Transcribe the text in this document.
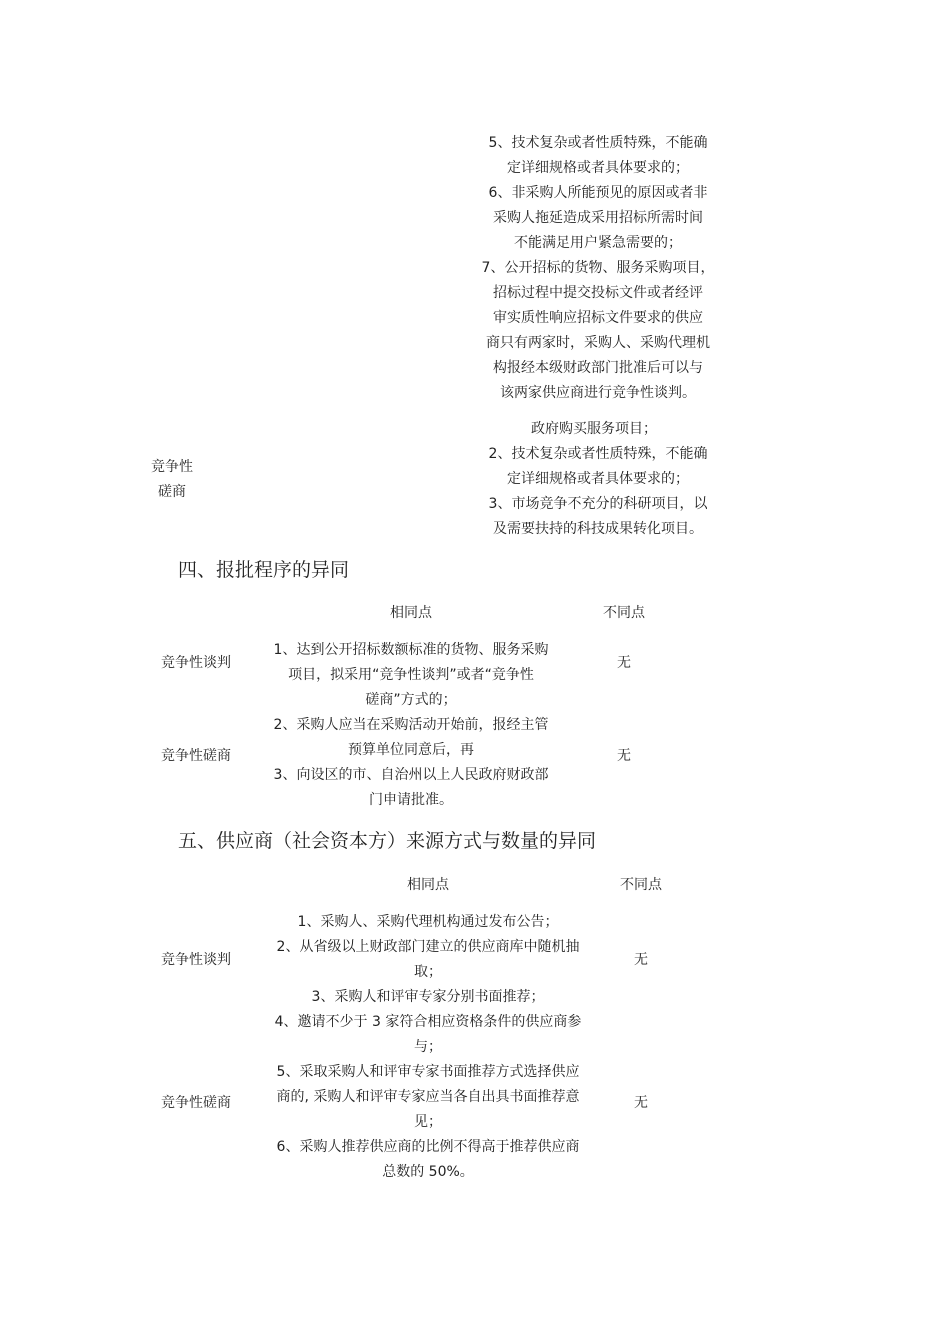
5、技术复杂或者性质特殊，不能确
定详细规格或者具体要求的；
6、非采购人所能预见的原因或者非
采购人拖延造成采用招标所需时间
不能满足用户紧急需要的；
7、公开招标的货物、服务采购项目，
招标过程中提交投标文件或者经评
审实质性响应招标文件要求的供应
商只有两家时，采购人、采购代理机
构报经本级财政部门批准后可以与
该两家供应商进行竞争性谈判。
政府购买服务项目；
2、技术复杂或者性质特殊，不能确
定详细规格或者具体要求的；
3、市场竞争不充分的科研项目，以
及需要扶持的科技成果转化项目。
竞争性
磋商
四、报批程序的异同
相同点	不同点
竞争性谈判
竞争性磋商
1、达到公开招标数额标准的货物、服务采购
项目，拟采用“竞争性谈判”或者“竞争性
磋商”方式的；
2、采购人应当在采购活动开始前，报经主管
预算单位同意后，再
3、向设区的市、自治州以上人民政府财政部
门申请批准。
无
无
五、供应商（社会资本方）来源方式与数量的异同
相同点	不同点
竞争性谈判
竞争性磋商
1、采购人、采购代理机构通过发布公告；
2、从省级以上财政部门建立的供应商库中随机抽
取；
3、采购人和评审专家分别书面推荐；
4、邀请不少于 3 家符合相应资格条件的供应商参
与；
5、采取采购人和评审专家书面推荐方式选择供应
商的, 采购人和评审专家应当各自出具书面推荐意
见；
6、采购人推荐供应商的比例不得高于推荐供应商
总数的 50%。
无
无
